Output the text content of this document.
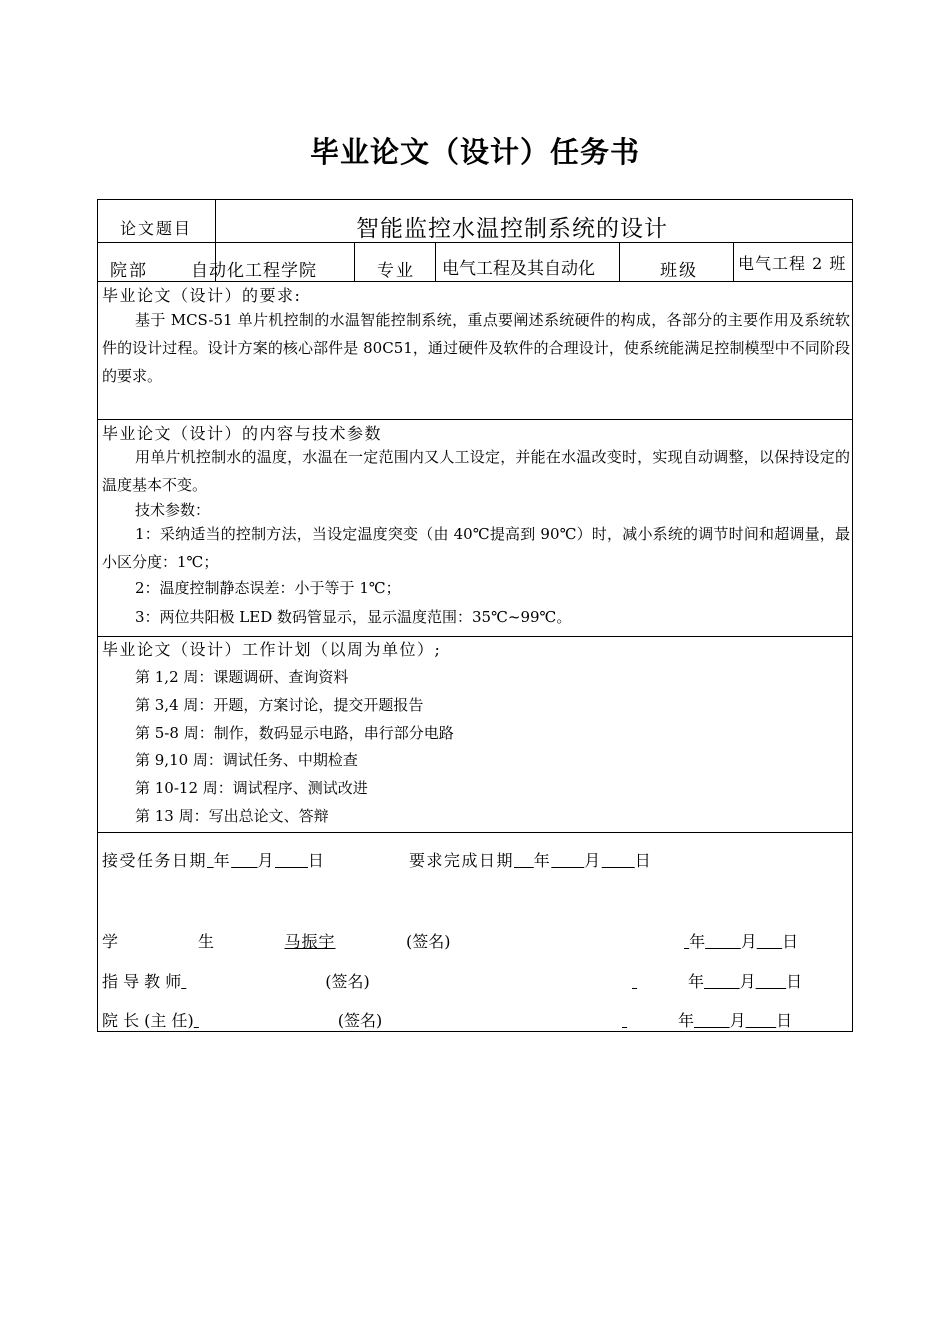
毕业论文（设计）任务书
论文题目	智能监控水温控制系统的设计
院部	自动化工程学院	专业 电气工程及其自动化	班级	电气工程 2 班
毕业论文（设计）的要求:
基于 MCS-51 单片机控制的水温智能控制系统，重点要阐述系统硬件的构成，各部分的主要作用及系统软件的设计过程。设计方案的核心部件是 80C51，通过硬件及软件的合理设计，使系统能满足控制模型中不同阶段的要求。
毕业论文（设计）的内容与技术参数
用单片机控制水的温度，水温在一定范围内又人工设定，并能在水温改变时，实现自动调整，以保持设定的温度基本不变。
技术参数：
1：采纳适当的控制方法，当设定温度突变（由 40℃提高到 90℃）时，减小系统的调节时间和超调量，最小区分度：1℃；
2：温度控制静态误差：小于等于 1℃；
3：两位共阳极 LED 数码管显示，显示温度范围：35℃~99℃。
毕业论文（设计）工作计划（以周为单位）;
第 1,2 周：课题调研、查询资料
第 3,4 周：开题，方案讨论，提交开题报告
第 5-8 周：制作，数码显示电路，串行部分电路
第 9,10 周：调试任务、中期检查
第 10-12 周：调试程序、测试改进
第 13 周：写出总论文、答辩
接受任务日期 年 月 日	要求完成日期 年 月 日
学	生	马振宇	(签名)	年 月 日
指 导 教 师	(签名)	年 月 日
院 长 (主 任)	(签名)	年 月 日
